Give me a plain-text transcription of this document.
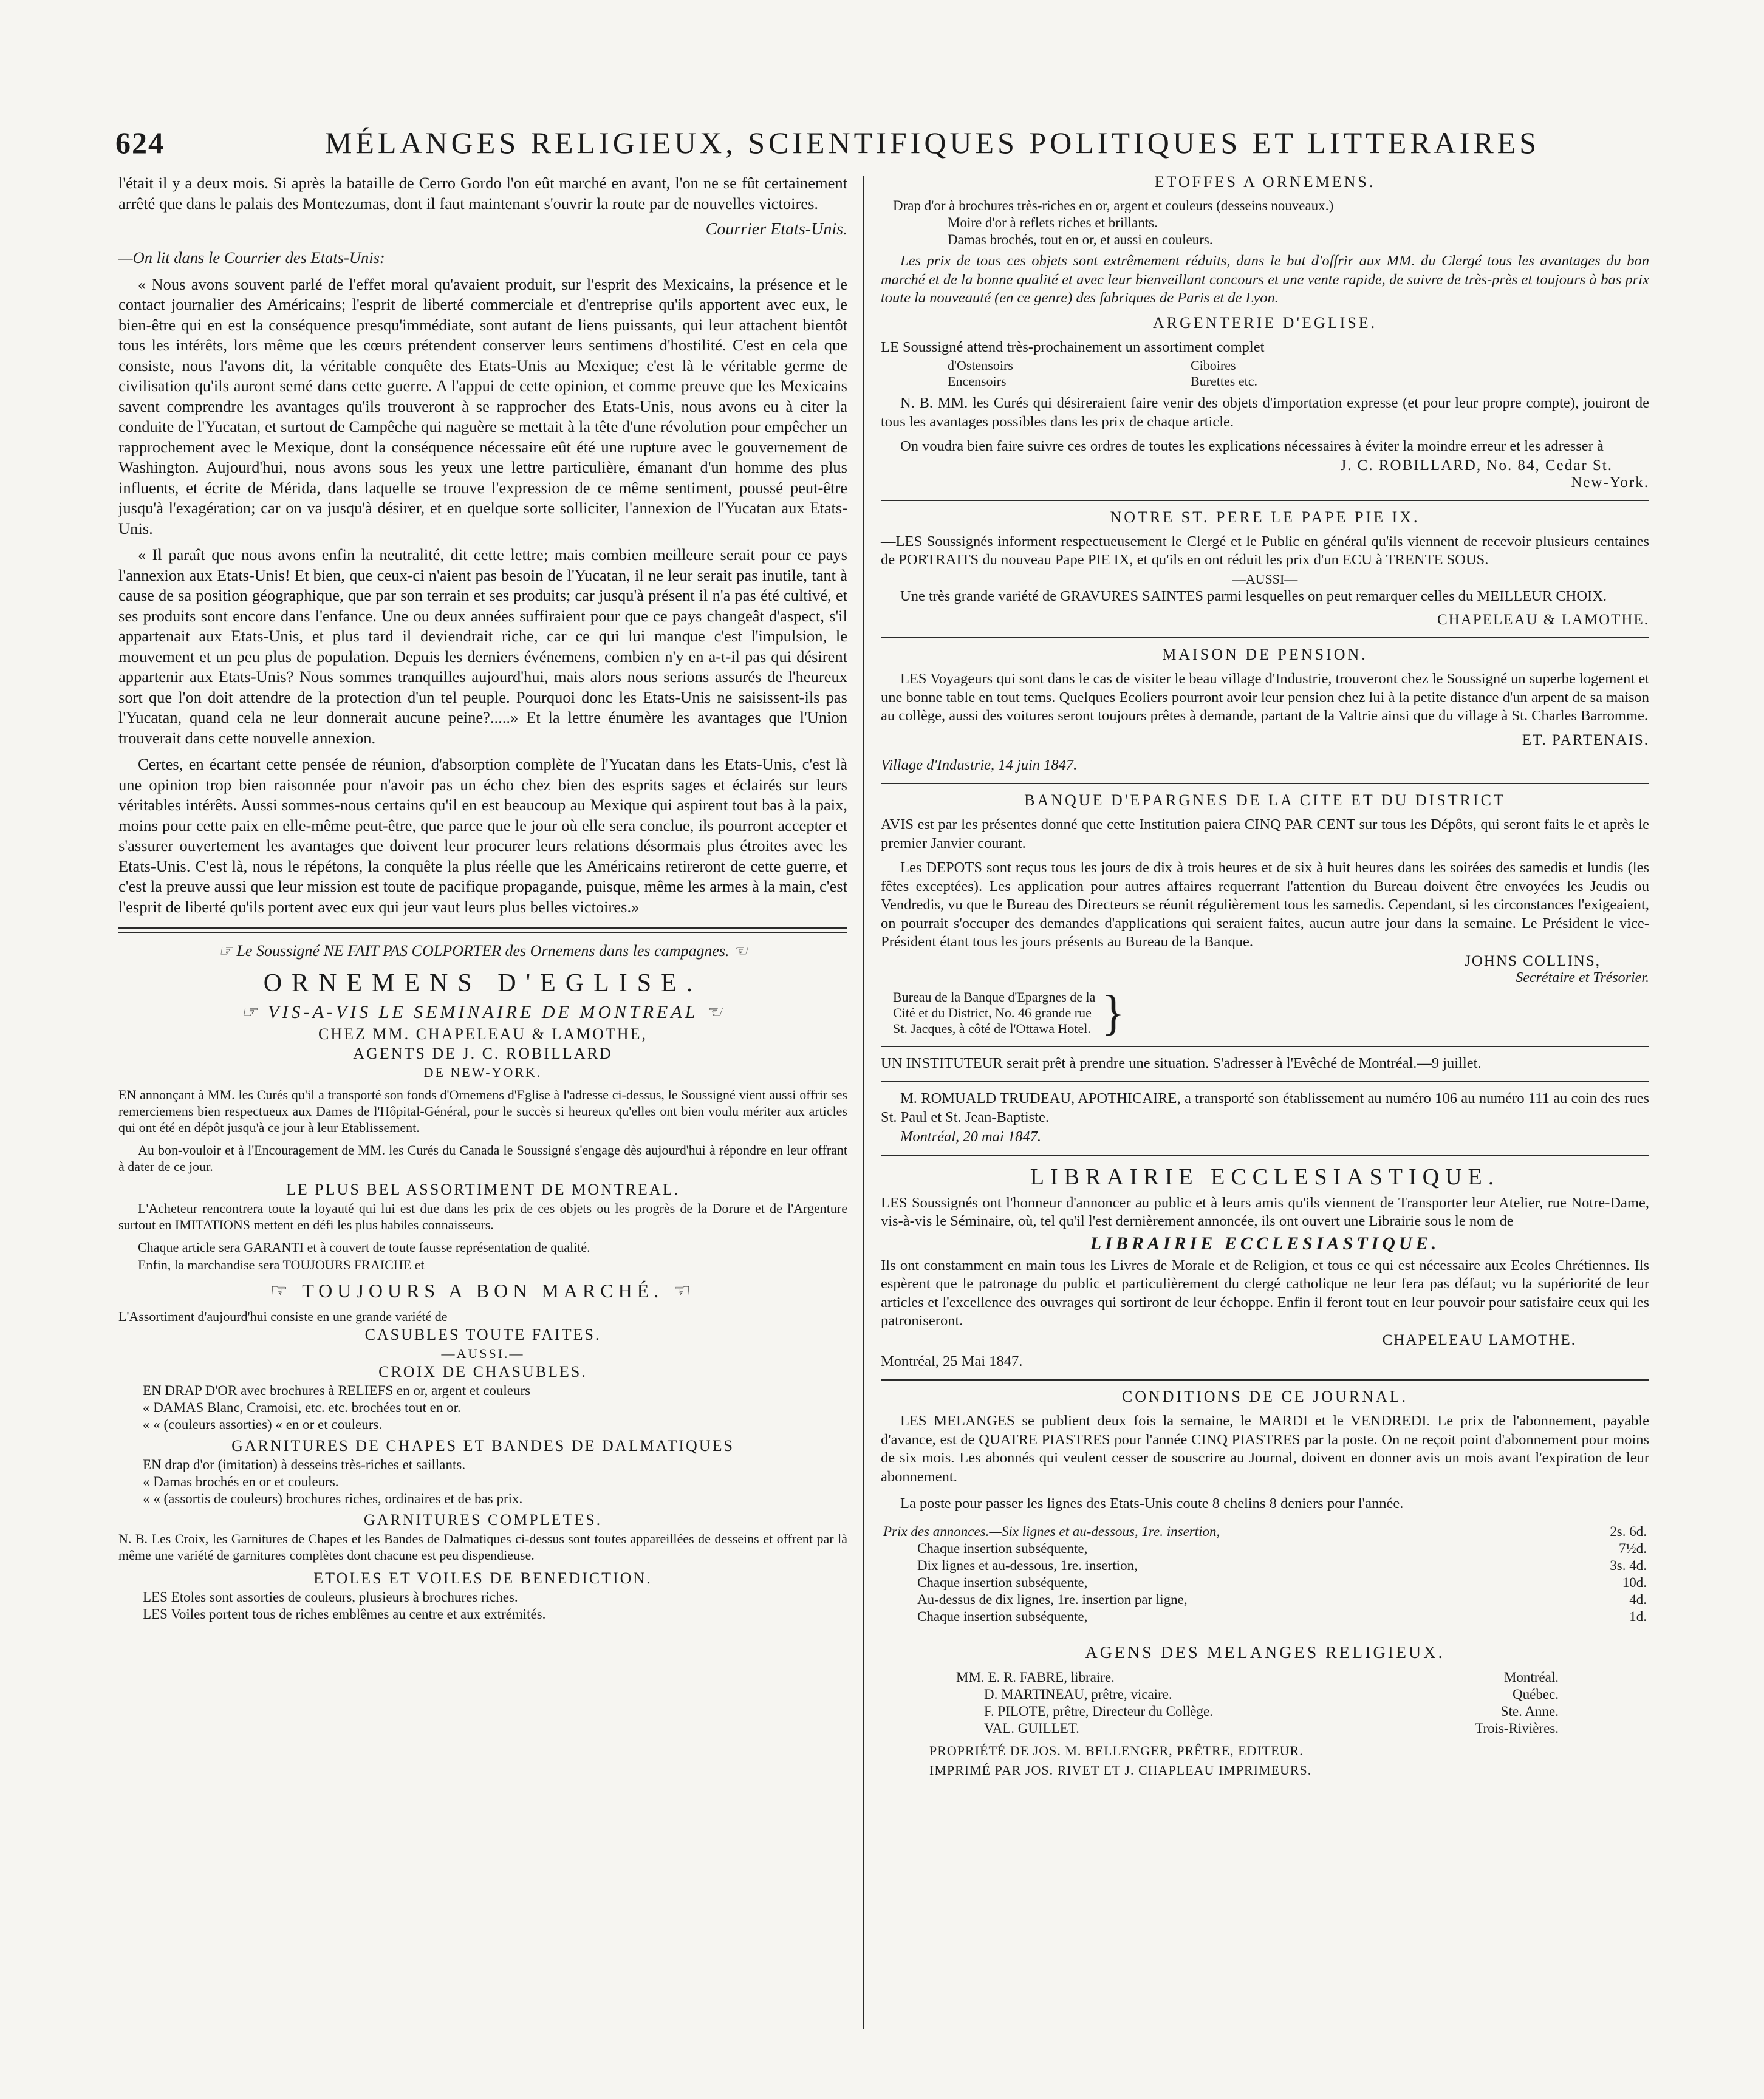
624	MÉLANGES RELIGIEUX, SCIENTIFIQUES POLITIQUES ET LITTERAIRES

l'était il y a deux mois. Si après la bataille de Cerro Gordo l'on eût marché en avant, l'on ne se fût certainement arrêté que dans le palais des Montezumas, dont il faut maintenant s'ouvrir la route par de nouvelles victoires.

Courrier Etats-Unis.

—On lit dans le Courrier des Etats-Unis:

« Nous avons souvent parlé de l'effet moral qu'avaient produit, sur l'esprit des Mexicains, la présence et le contact journalier des Américains; l'esprit de liberté commerciale et d'entreprise qu'ils apportent avec eux, le bien-être qui en est la conséquence presqu'immédiate, sont autant de liens puissants, qui leur attachent bientôt tous les intérêts, lors même que les cœurs prétendent conserver leurs sentimens d'hostilité. C'est en cela que consiste, nous l'avons dit, la véritable conquête des Etats-Unis au Mexique; c'est là le véritable germe de civilisation qu'ils auront semé dans cette guerre. A l'appui de cette opinion, et comme preuve que les Mexicains savent comprendre les avantages qu'ils trouveront à se rapprocher des Etats-Unis, nous avons eu à citer la conduite de l'Yucatan, et surtout de Campêche qui naguère se mettait à la tête d'une révolution pour empêcher un rapprochement avec le Mexique, dont la conséquence nécessaire eût été une rupture avec le gouvernement de Washington. Aujourd'hui, nous avons sous les yeux une lettre particulière, émanant d'un homme des plus influents, et écrite de Mérida, dans laquelle se trouve l'expression de ce même sentiment, poussé peut-être jusqu'à l'exagération; car on va jusqu'à désirer, et en quelque sorte solliciter, l'annexion de l'Yucatan aux Etats-Unis.

« Il paraît que nous avons enfin la neutralité, dit cette lettre; mais combien meilleure serait pour ce pays l'annexion aux Etats-Unis! Et bien, que ceux-ci n'aient pas besoin de l'Yucatan, il ne leur serait pas inutile, tant à cause de sa position géographique, que par son terrain et ses produits; car jusqu'à présent il n'a pas été cultivé, et ses produits sont encore dans l'enfance. Une ou deux années suffiraient pour que ce pays changeât d'aspect, s'il appartenait aux Etats-Unis, et plus tard il deviendrait riche, car ce qui lui manque c'est l'impulsion, le mouvement et un peu plus de population. Depuis les derniers événemens, combien n'y en a-t-il pas qui désirent appartenir aux Etats-Unis? Nous sommes tranquilles aujourd'hui, mais alors nous serions assurés de l'heureux sort que l'on doit attendre de la protection d'un tel peuple. Pourquoi donc les Etats-Unis ne saisissent-ils pas l'Yucatan, quand cela ne leur donnerait aucune peine?.....» Et la lettre énumère les avantages que l'Union trouverait dans cette nouvelle annexion.

Certes, en écartant cette pensée de réunion, d'absorption complète de l'Yucatan dans les Etats-Unis, c'est là une opinion trop bien raisonnée pour n'avoir pas un écho chez bien des esprits sages et éclairés sur leurs véritables intérêts. Aussi sommes-nous certains qu'il en est beaucoup au Mexique qui aspirent tout bas à la paix, moins pour cette paix en elle-même peut-être, que parce que le jour où elle sera conclue, ils pourront accepter et s'assurer ouvertement les avantages que doivent leur procurer leurs relations désormais plus étroites avec les Etats-Unis. C'est là, nous le répétons, la conquête la plus réelle que les Américains retireront de cette guerre, et c'est la preuve aussi que leur mission est toute de pacifique propagande, puisque, même les armes à la main, c'est l'esprit de liberté qu'ils portent avec eux qui jeur vaut leurs plus belles victoires.»

☞ Le Soussigné NE FAIT PAS COLPORTER des Ornemens dans les campagnes. ☜
ORNEMENS D'EGLISE.
☞ VIS-A-VIS LE SEMINAIRE DE MONTREAL ☜
CHEZ MM. CHAPELEAU & LAMOTHE,
AGENTS DE J. C. ROBILLARD
DE NEW-YORK.

EN annonçant à MM. les Curés qu'il a transporté son fonds d'Ornemens d'Eglise à l'adresse ci-dessus, le Soussigné vient aussi offrir ses remerciemens bien respectueux aux Dames de l'Hôpital-Général, pour le succès si heureux qu'elles ont bien voulu mériter aux articles qui ont été en dépôt jusqu'à ce jour à leur Etablissement.

Au bon-vouloir et à l'Encouragement de MM. les Curés du Canada le Soussigné s'engage dès aujourd'hui à répondre en leur offrant à dater de ce jour.

LE PLUS BEL ASSORTIMENT DE MONTREAL.

L'Acheteur rencontrera toute la loyauté qui lui est due dans les prix de ces objets ou les progrès de la Dorure et de l'Argenture surtout en IMITATIONS mettent en défi les plus habiles connaisseurs.

Chaque article sera GARANTI et à couvert de toute fausse représentation de qualité.

Enfin, la marchandise sera TOUJOURS FRAICHE et

☞ TOUJOURS A BON MARCHÉ. ☜

L'Assortiment d'aujourd'hui consiste en une grande variété de

CASUBLES TOUTE FAITES.
—AUSSI.—
CROIX DE CHASUBLES.
EN DRAP D'OR avec brochures à RELIEFS en or, argent et couleurs
« DAMAS Blanc, Cramoisi, etc. etc. brochées tout en or.
« « (couleurs assorties) « en or et couleurs.
GARNITURES DE CHAPES ET BANDES DE DALMATIQUES
EN drap d'or (imitation) à desseins très-riches et saillants.
« Damas brochés en or et couleurs.
« « (assortis de couleurs) brochures riches, ordinaires et de bas prix.
GARNITURES COMPLETES.

N. B. Les Croix, les Garnitures de Chapes et les Bandes de Dalmatiques ci-dessus sont toutes appareillées de desseins et offrent par là même une variété de garnitures complètes dont chacune est peu dispendieuse.

ETOLES ET VOILES DE BENEDICTION.
LES Etoles sont assorties de couleurs, plusieurs à brochures riches.
LES Voiles portent tous de riches emblêmes au centre et aux extrémités.
ETOFFES A ORNEMENS.
Drap d'or à brochures très-riches en or, argent et couleurs (desseins nouveaux.)
Moire d'or à reflets riches et brillants.
Damas brochés, tout en or, et aussi en couleurs.

Les prix de tous ces objets sont extrêmement réduits, dans le but d'offrir aux MM. du Clergé tous les avantages du bon marché et de la bonne qualité et avec leur bienveillant concours et une vente rapide, de suivre de très-près et toujours à bas prix toute la nouveauté (en ce genre) des fabriques de Paris et de Lyon.

ARGENTERIE D'EGLISE.

LE Soussigné attend très-prochainement un assortiment complet

d'Ostensoirs	Ciboires
Encensoirs	Burettes etc.

N. B. MM. les Curés qui désireraient faire venir des objets d'importation expresse (et pour leur propre compte), jouiront de tous les avantages possibles dans les prix de chaque article.

On voudra bien faire suivre ces ordres de toutes les explications nécessaires à éviter la moindre erreur et les adresser à

J. C. ROBILLARD, No. 84, Cedar St.
New-York.
NOTRE ST. PERE LE PAPE PIE IX.

—LES Soussignés informent respectueusement le Clergé et le Public en général qu'ils viennent de recevoir plusieurs centaines de PORTRAITS du nouveau Pape PIE IX, et qu'ils en ont réduit les prix d'un ECU à TRENTE SOUS.

—AUSSI—

Une très grande variété de GRAVURES SAINTES parmi lesquelles on peut remarquer celles du MEILLEUR CHOIX.

CHAPELEAU & LAMOTHE.
MAISON DE PENSION.

LES Voyageurs qui sont dans le cas de visiter le beau village d'Industrie, trouveront chez le Soussigné un superbe logement et une bonne table en tout tems. Quelques Ecoliers pourront avoir leur pension chez lui à la petite distance d'un arpent de sa maison au collège, aussi des voitures seront toujours prêtes à demande, partant de la Valtrie ainsi que du village à St. Charles Barromme.

ET. PARTENAIS.

Village d'Industrie, 14 juin 1847.

BANQUE D'EPARGNES DE LA CITE ET DU DISTRICT

AVIS est par les présentes donné que cette Institution paiera CINQ PAR CENT sur tous les Dépôts, qui seront faits le et après le premier Janvier courant.

Les DEPOTS sont reçus tous les jours de dix à trois heures et de six à huit heures dans les soirées des samedis et lundis (les fêtes exceptées). Les application pour autres affaires requerrant l'attention du Bureau doivent être envoyées les Jeudis ou Vendredis, vu que le Bureau des Directeurs se réunit régulièrement tous les samedis. Cependant, si les circonstances l'exigeaient, on pourrait s'occuper des demandes d'applications qui seraient faites, aucun autre jour dans la semaine. Le Président le vice-Président étant tous les jours présents au Bureau de la Banque.

JOHNS COLLINS,
Secrétaire et Trésorier.
Bureau de la Banque d'Epargnes de la
Cité et du District, No. 46 grande rue
St. Jacques, à côté de l'Ottawa Hotel. }

UN INSTITUTEUR serait prêt à prendre une situation. S'adresser à l'Evêché de Montréal.—9 juillet.

M. ROMUALD TRUDEAU, APOTHICAIRE, a transporté son établissement au numéro 106 au numéro 111 au coin des rues St. Paul et St. Jean-Baptiste.

Montréal, 20 mai 1847.

LIBRAIRIE ECCLESIASTIQUE.

LES Soussignés ont l'honneur d'annoncer au public et à leurs amis qu'ils viennent de Transporter leur Atelier, rue Notre-Dame, vis-à-vis le Séminaire, où, tel qu'il l'est dernièrement annoncée, ils ont ouvert une Librairie sous le nom de

LIBRAIRIE ECCLESIASTIQUE.

Ils ont constamment en main tous les Livres de Morale et de Religion, et tous ce qui est nécessaire aux Ecoles Chrétiennes. Ils espèrent que le patronage du public et particulièrement du clergé catholique ne leur fera pas défaut; vu la supériorité de leur articles et l'excellence des ouvrages qui sortiront de leur échoppe. Enfin il feront tout en leur pouvoir pour satisfaire ceux qui les patroniseront.

CHAPELEAU LAMOTHE.

Montréal, 25 Mai 1847.

CONDITIONS DE CE JOURNAL.

LES MELANGES se publient deux fois la semaine, le MARDI et le VENDREDI. Le prix de l'abonnement, payable d'avance, est de QUATRE PIASTRES pour l'année CINQ PIASTRES par la poste. On ne reçoit point d'abonnement pour moins de six mois. Les abonnés qui veulent cesser de souscrire au Journal, doivent en donner avis un mois avant l'expiration de leur abonnement.

La poste pour passer les lignes des Etats-Unis coute 8 chelins 8 deniers pour l'année.

Prix des annonces.—Six lignes et au-dessous, 1re. insertion,	2s. 6d.
Chaque insertion subséquente,	7½d.
Dix lignes et au-dessous, 1re. insertion,	3s. 4d.
Chaque insertion subséquente,	10d.
Au-dessus de dix lignes, 1re. insertion par ligne,	4d.
Chaque insertion subséquente,	1d.
AGENS DES MELANGES RELIGIEUX.
MM. E. R. FABRE, libraire.	Montréal.
D. MARTINEAU, prêtre, vicaire.	Québec.
F. PILOTE, prêtre, Directeur du Collège.	Ste. Anne.
VAL. GUILLET.	Trois-Rivières.

PROPRIÉTÉ DE JOS. M. BELLENGER, PRÊTRE, EDITEUR.

IMPRIMÉ PAR JOS. RIVET ET J. CHAPLEAU IMPRIMEURS.
